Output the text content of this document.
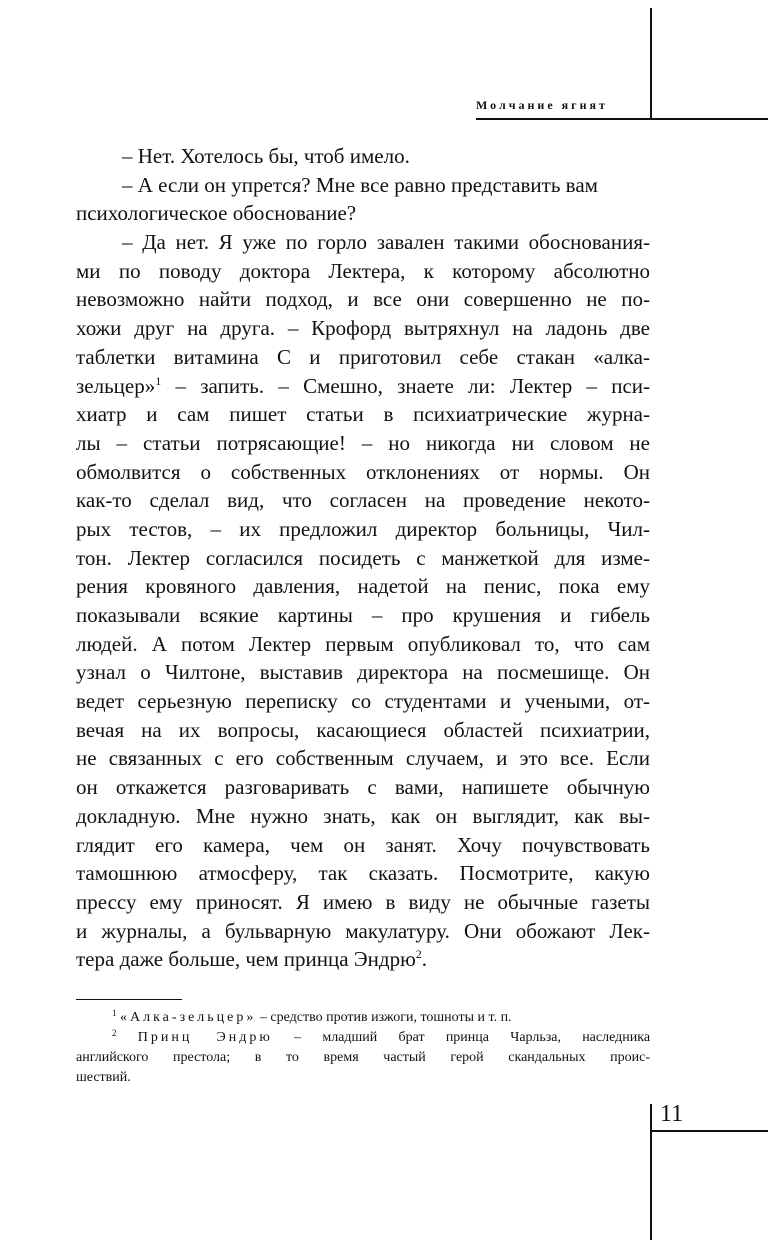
Молчание ягнят
– Нет. Хотелось бы, чтоб имело.
– А если он упрется? Мне все равно представить вам
психологическое обоснование?
– Да нет. Я уже по горло завален такими обоснования-
ми по поводу доктора Лектера, к которому абсолютно
невозможно найти подход, и все они совершенно не по-
хожи друг на друга. – Крофорд вытряхнул на ладонь две
таблетки витамина С и приготовил себе стакан «алка-
зельцер»$^1$ – запить. – Смешно, знаете ли: Лектер – пси-
хиатр и сам пишет статьи в психиатрические журна-
лы – статьи потрясающие! – но никогда ни словом не
обмолвится о собственных отклонениях от нормы. Он
как-то сделал вид, что согласен на проведение некото-
рых тестов, – их предложил директор больницы, Чил-
тон. Лектер согласился посидеть с манжеткой для изме-
рения кровяного давления, надетой на пенис, пока ему
показывали всякие картины – про крушения и гибель
людей. А потом Лектер первым опубликовал то, что сам
узнал о Чилтоне, выставив директора на посмешище. Он
ведет серьезную переписку со студентами и учеными, от-
вечая на их вопросы, касающиеся областей психиатрии,
не связанных с его собственным случаем, и это все. Если
он откажется разговаривать с вами, напишете обычную
докладную. Мне нужно знать, как он выглядит, как вы-
глядит его камера, чем он занят. Хочу почувствовать
тамошнюю атмосферу, так сказать. Посмотрите, какую
прессу ему приносят. Я имею в виду не обычные газеты
и журналы, а бульварную макулатуру. Они обожают Лек-
тера даже больше, чем принца Эндрю$^2$.
$^1$ «Алка-зельцер» – средство против изжоги, тошноты и т. п.
$^2$ Принц Эндрю – младший брат принца Чарльза, наследника
английского престола; в то время частый герой скандальных проис-
шествий.
11
